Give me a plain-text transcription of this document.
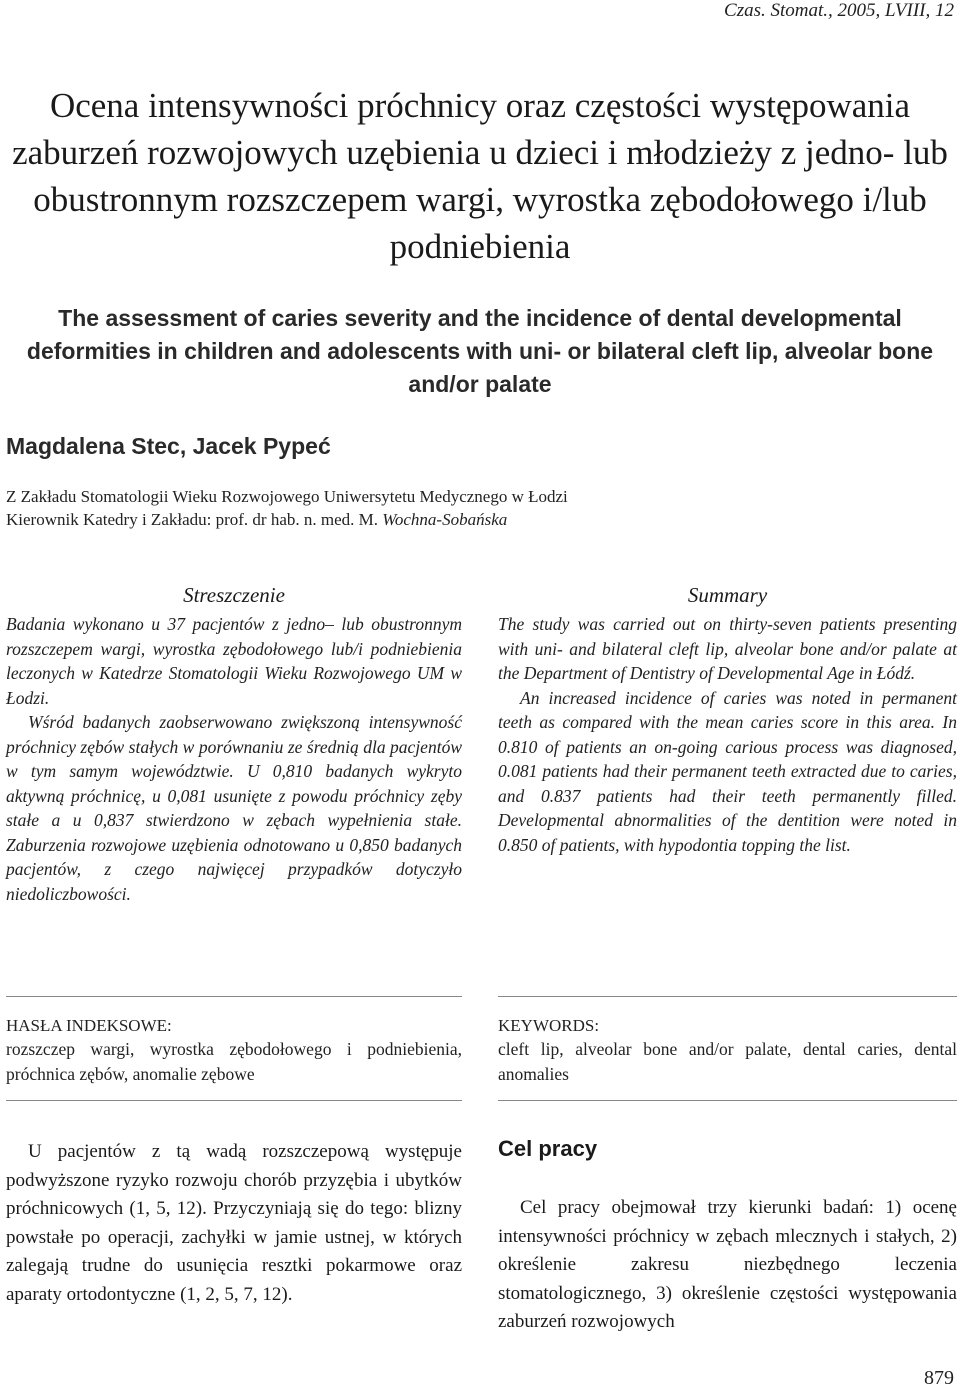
Czas. Stomat., 2005, LVIII, 12
Ocena intensywności próchnicy oraz częstości występowania zaburzeń rozwojowych uzębienia u dzieci i młodzieży z jedno- lub obustronnym rozszczepem wargi, wyrostka zębodołowego i/lub podniebienia
The assessment of caries severity and the incidence of dental developmental deformities in children and adolescents with uni- or bilateral cleft lip, alveolar bone and/or palate
Magdalena Stec, Jacek Pypeć
Z Zakładu Stomatologii Wieku Rozwojowego Uniwersytetu Medycznego w Łodzi
Kierownik Katedry i Zakładu: prof. dr hab. n. med. M. Wochna-Sobańska
Streszczenie

Badania wykonano u 37 pacjentów z jedno– lub obustronnym rozszczepem wargi, wyrostka zębodołowego lub/i podniebienia leczonych w Katedrze Stomatologii Wieku Rozwojowego UM w Łodzi.

Wśród badanych zaobserwowano zwiększoną intensywność próchnicy zębów stałych w porównaniu ze średnią dla pacjentów w tym samym województwie. U 0,810 badanych wykryto aktywną próchnicę, u 0,081 usunięte z powodu próchnicy zęby stałe a u 0,837 stwierdzono w zębach wypełnienia stałe. Zaburzenia rozwojowe uzębienia odnotowano u 0,850 badanych pacjentów, z czego najwięcej przypadków dotyczyło niedoliczbowości.

Summary

The study was carried out on thirty-seven patients presenting with uni- and bilateral cleft lip, alveolar bone and/or palate at the Department of Dentistry of Developmental Age in Łódź.

An increased incidence of caries was noted in permanent teeth as compared with the mean caries score in this area. In 0.810 of patients an on-going carious process was diagnosed, 0.081 patients had their permanent teeth extracted due to caries, and 0.837 patients had their teeth permanently filled. Developmental abnormalities of the dentition were noted in 0.850 of patients, with hypodontia topping the list.

HASŁA INDEKSOWE:
rozszczep wargi, wyrostka zębodołowego i podniebienia, próchnica zębów, anomalie zębowe
KEYWORDS:
cleft lip, alveolar bone and/or palate, dental caries, dental anomalies

U pacjentów z tą wadą rozszczepową występuje podwyższone ryzyko rozwoju chorób przyzębia i ubytków próchnicowych (1, 5, 12). Przyczyniają się do tego: blizny powstałe po operacji, zachyłki w jamie ustnej, w których zalegają trudne do usunięcia resztki pokarmowe oraz aparaty ortodontyczne (1, 2, 5, 7, 12).

Cel pracy

Cel pracy obejmował trzy kierunki badań: 1) ocenę intensywności próchnicy w zębach mlecznych i stałych, 2) określenie zakresu niezbędnego leczenia stomatologicznego, 3) określenie częstości występowania zaburzeń rozwojowych

879
